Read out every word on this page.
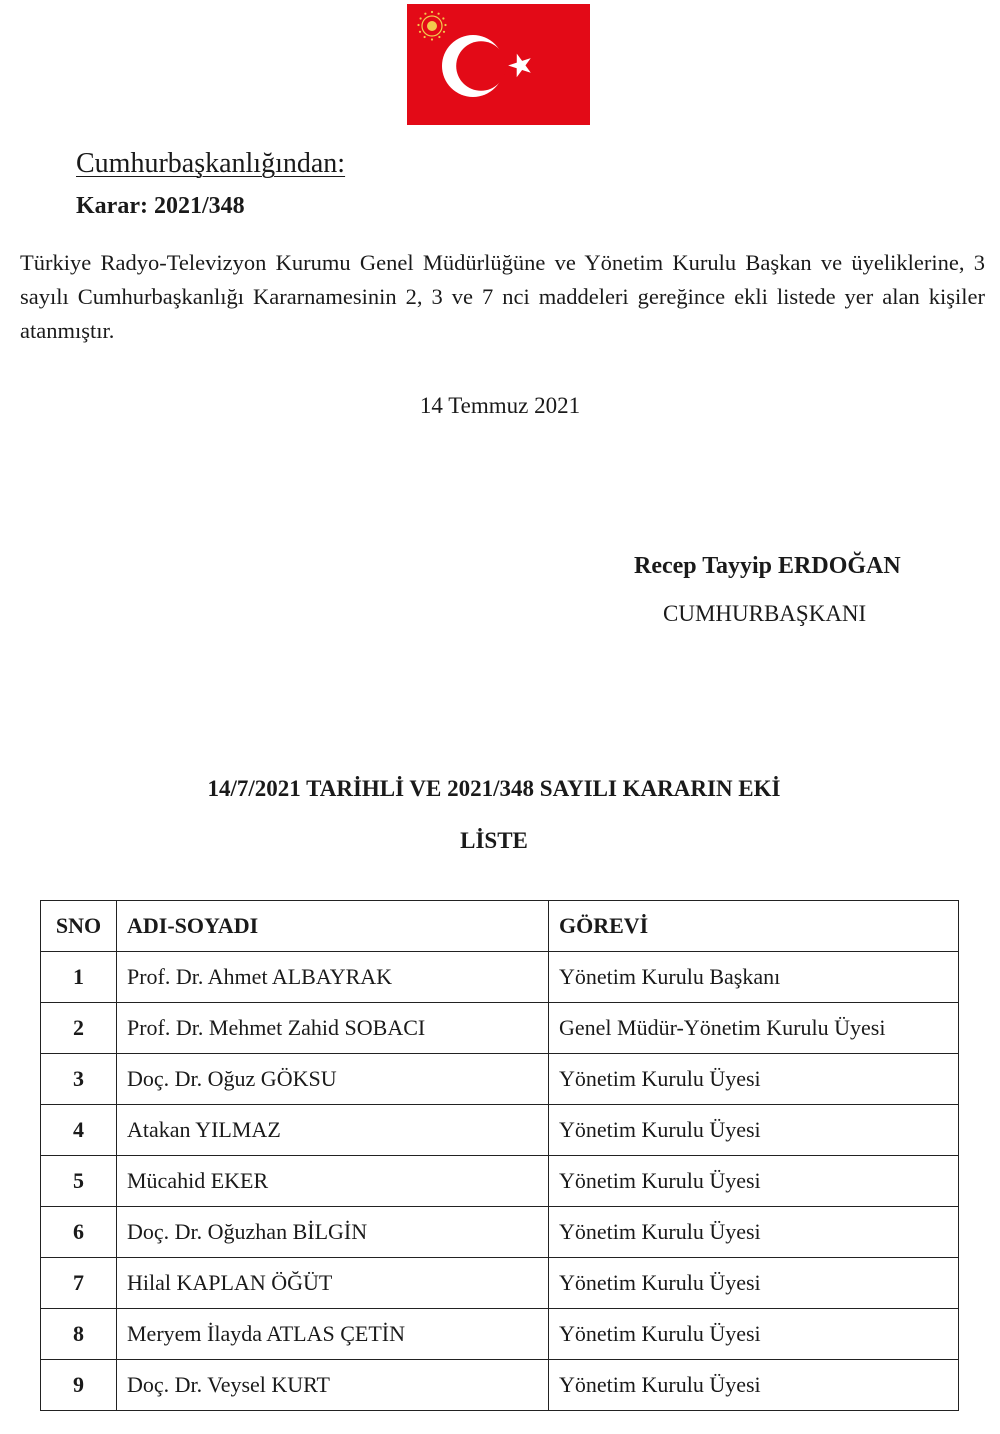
Cumhurbaşkanlığından:
Karar: 2021/348

Türkiye Radyo-Televizyon Kurumu Genel Müdürlüğüne ve Yönetim Kurulu Başkan ve üyeliklerine, 3 sayılı Cumhurbaşkanlığı Kararnamesinin 2, 3 ve 7 nci maddeleri gereğince ekli listede yer alan kişiler atanmıştır.

14 Temmuz 2021
Recep Tayyip ERDOĞAN
CUMHURBAŞKANI
14/7/2021 TARİHLİ VE 2021/348 SAYILI KARARIN EKİ
LİSTE
SNO	ADI-SOYADI	GÖREVİ
1	Prof. Dr. Ahmet ALBAYRAK	Yönetim Kurulu Başkanı
2	Prof. Dr. Mehmet Zahid SOBACI	Genel Müdür-Yönetim Kurulu Üyesi
3	Doç. Dr. Oğuz GÖKSU	Yönetim Kurulu Üyesi
4	Atakan YILMAZ	Yönetim Kurulu Üyesi
5	Mücahid EKER	Yönetim Kurulu Üyesi
6	Doç. Dr. Oğuzhan BİLGİN	Yönetim Kurulu Üyesi
7	Hilal KAPLAN ÖĞÜT	Yönetim Kurulu Üyesi
8	Meryem İlayda ATLAS ÇETİN	Yönetim Kurulu Üyesi
9	Doç. Dr. Veysel KURT	Yönetim Kurulu Üyesi
